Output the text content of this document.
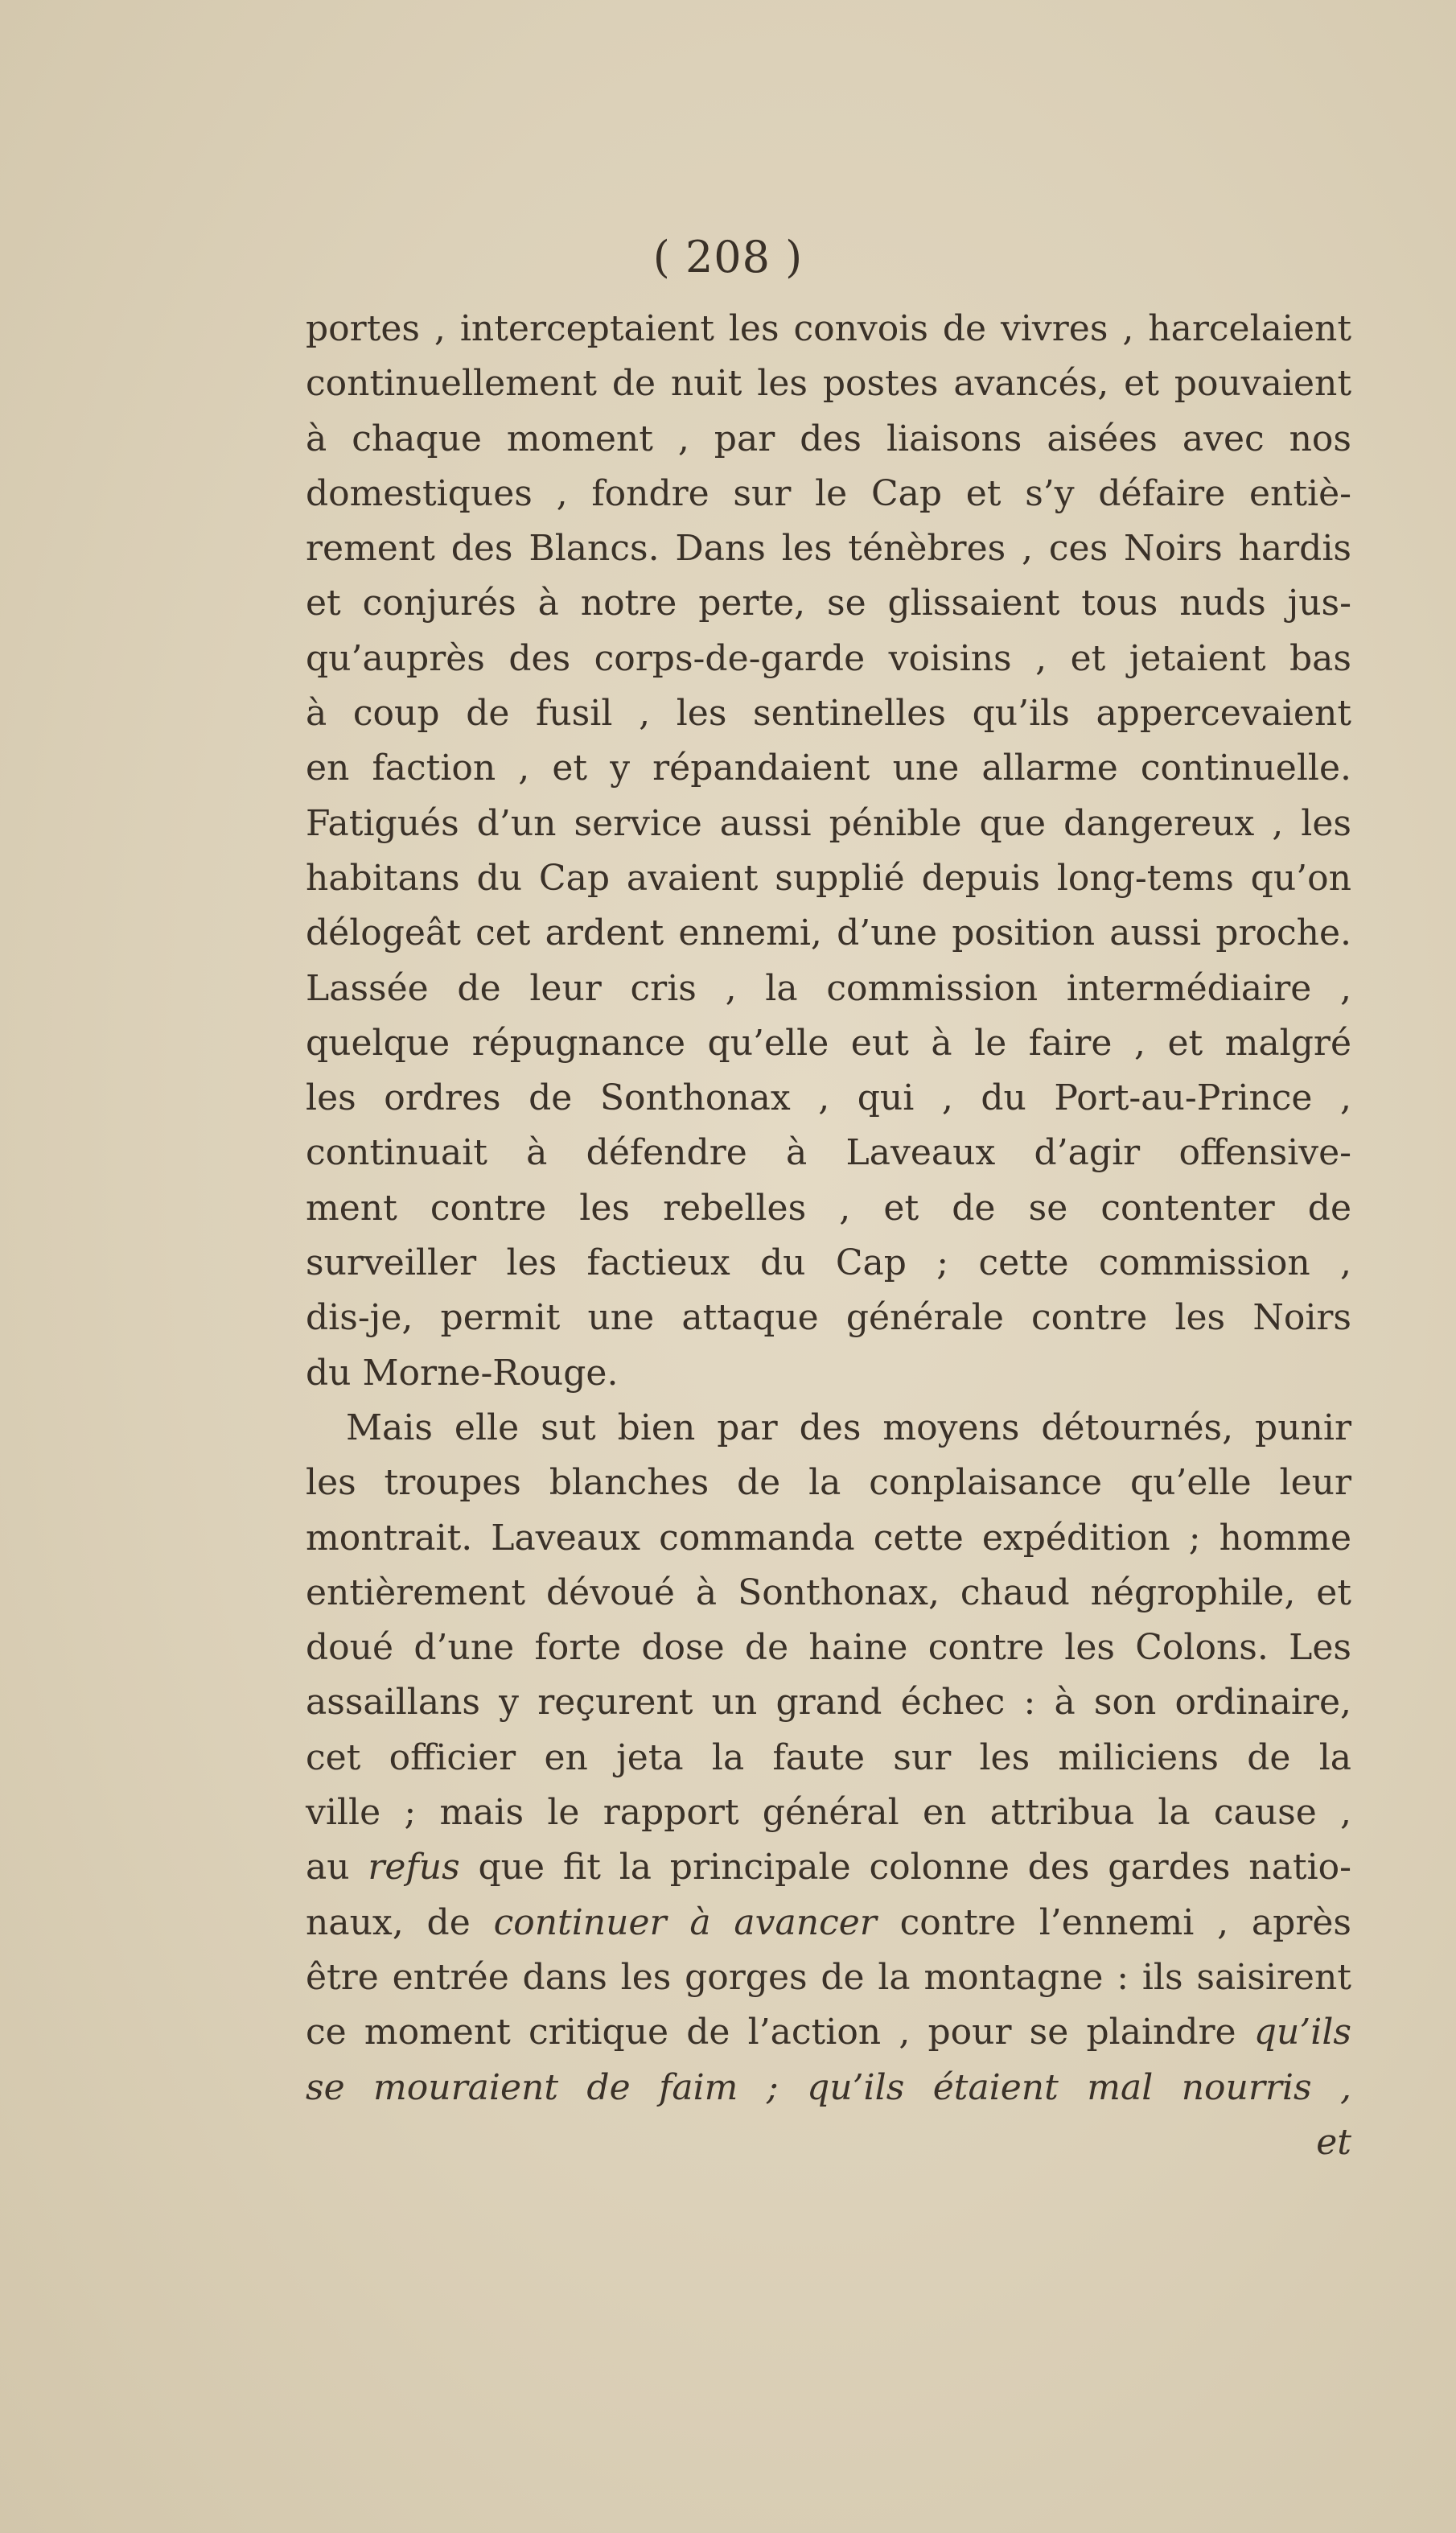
( 208 )
portes , interceptaient les convois de vivres , harcelaient
continuellement de nuit les postes avancés, et pouvaient
à chaque moment , par des liaisons aisées avec nos
domestiques , fondre sur le Cap et s’y défaire entiè-
rement des Blancs. Dans les ténèbres , ces Noirs hardis
et conjurés à notre perte, se glissaient tous nuds jus-
qu’auprès des corps-de-garde voisins , et jetaient bas
à coup de fusil , les sentinelles qu’ils appercevaient
en faction , et y répandaient une allarme continuelle.
Fatigués d’un service aussi pénible que dangereux , les
habitans du Cap avaient supplié depuis long-tems qu’on
délogeât cet ardent ennemi, d’une position aussi proche.
Lassée de leur cris , la commission intermédiaire ,
quelque répugnance qu’elle eut à le faire , et malgré
les ordres de Sonthonax , qui , du Port-au-Prince ,
continuait à défendre à Laveaux d’agir offensive-
ment contre les rebelles , et de se contenter de
surveiller les factieux du Cap ; cette commission ,
dis-je, permit une attaque générale contre les Noirs
du Morne-Rouge.
Mais elle sut bien par des moyens détournés, punir
les troupes blanches de la conplaisance qu’elle leur
montrait. Laveaux commanda cette expédition ; homme
entièrement dévoué à Sonthonax, chaud négrophile, et
doué d’une forte dose de haine contre les Colons. Les
assaillans y reçurent un grand échec : à son ordinaire,
cet officier en jeta la faute sur les miliciens de la
ville ; mais le rapport général en attribua la cause ,
au refus que fit la principale colonne des gardes natio-
naux, de continuer à avancer contre l’ennemi , après
être entrée dans les gorges de la montagne : ils saisirent
ce moment critique de l’action , pour se plaindre qu’ils
se mouraient de faim ; qu’ils étaient mal nourris ,
et
